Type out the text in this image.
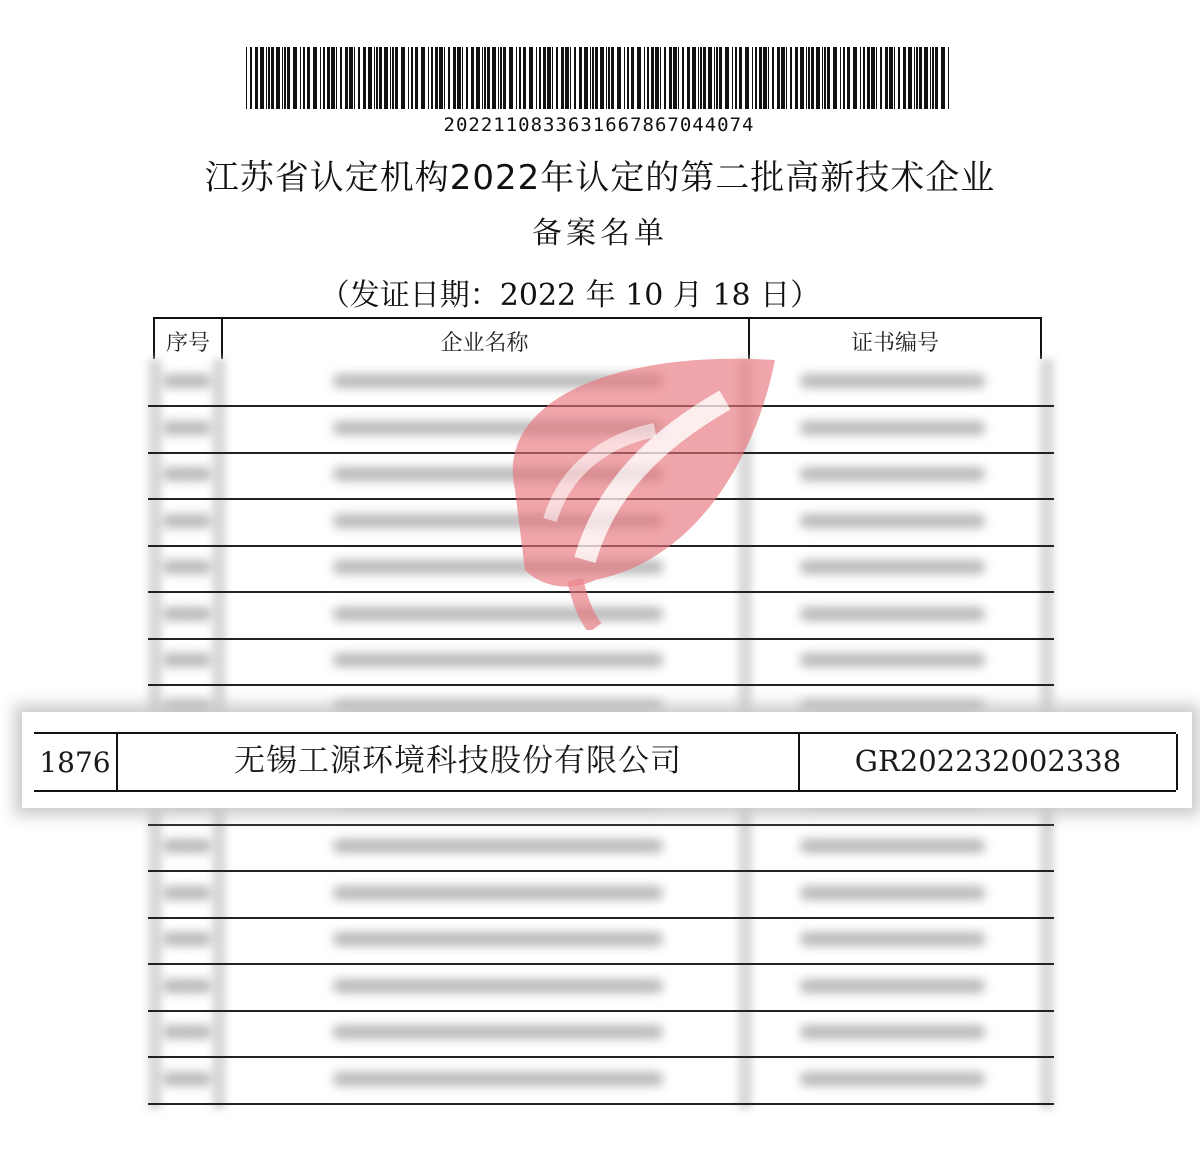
2022110833631667867044074
江苏省认定机构2022年认定的第二批高新技术企业
备案名单
（发证日期：2022 年 10 月 18 日）
序号	企业名称	证书编号
1876	无锡工源环境科技股份有限公司	GR202232002338
